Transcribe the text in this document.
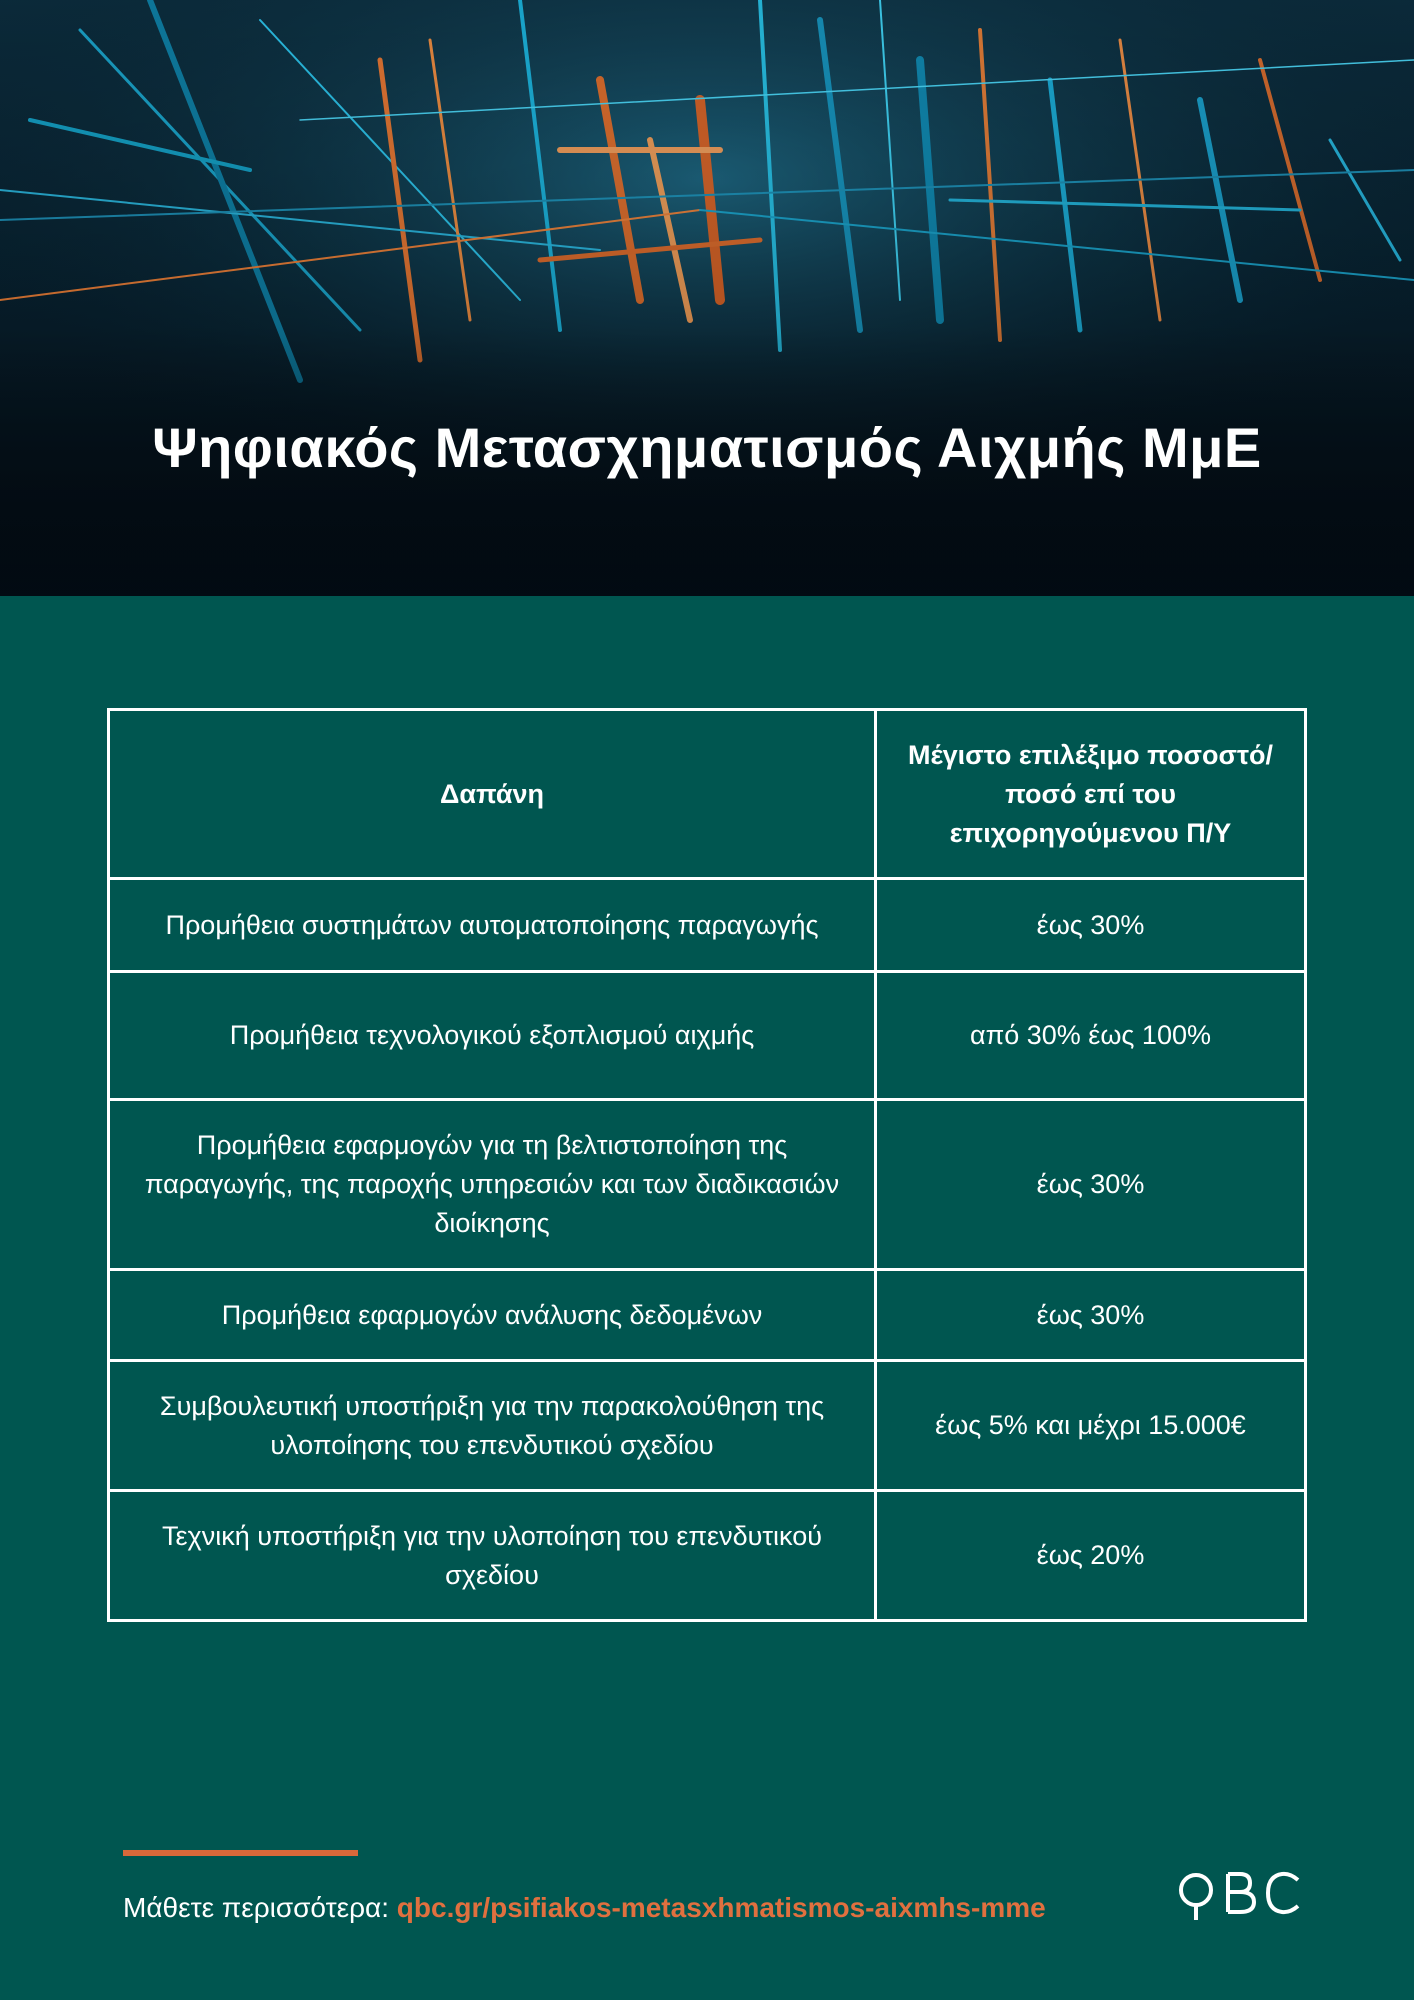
Ψηφιακός Μετασχηματισμός Αιχμής ΜμΕ
Δαπάνη	Μέγιστο επιλέξιμο ποσοστό/ποσό επί του επιχορηγούμενου Π/Υ
Προμήθεια συστημάτων αυτοματοποίησης παραγωγής	έως 30%
Προμήθεια τεχνολογικού εξοπλισμού αιχμής	από 30% έως 100%
Προμήθεια εφαρμογών για τη βελτιστοποίηση της παραγωγής, της παροχής υπηρεσιών και των διαδικασιών διοίκησης	έως 30%
Προμήθεια εφαρμογών ανάλυσης δεδομένων	έως 30%
Συμβουλευτική υποστήριξη για την παρακολούθηση της υλοποίησης του επενδυτικού σχεδίου	έως 5% και μέχρι 15.000€
Τεχνική υποστήριξη για την υλοποίηση του επενδυτικού σχεδίου	έως 20%
Μάθετε περισσότερα: qbc.gr/psifiakos-metasxhmatismos-aixmhs-mme
